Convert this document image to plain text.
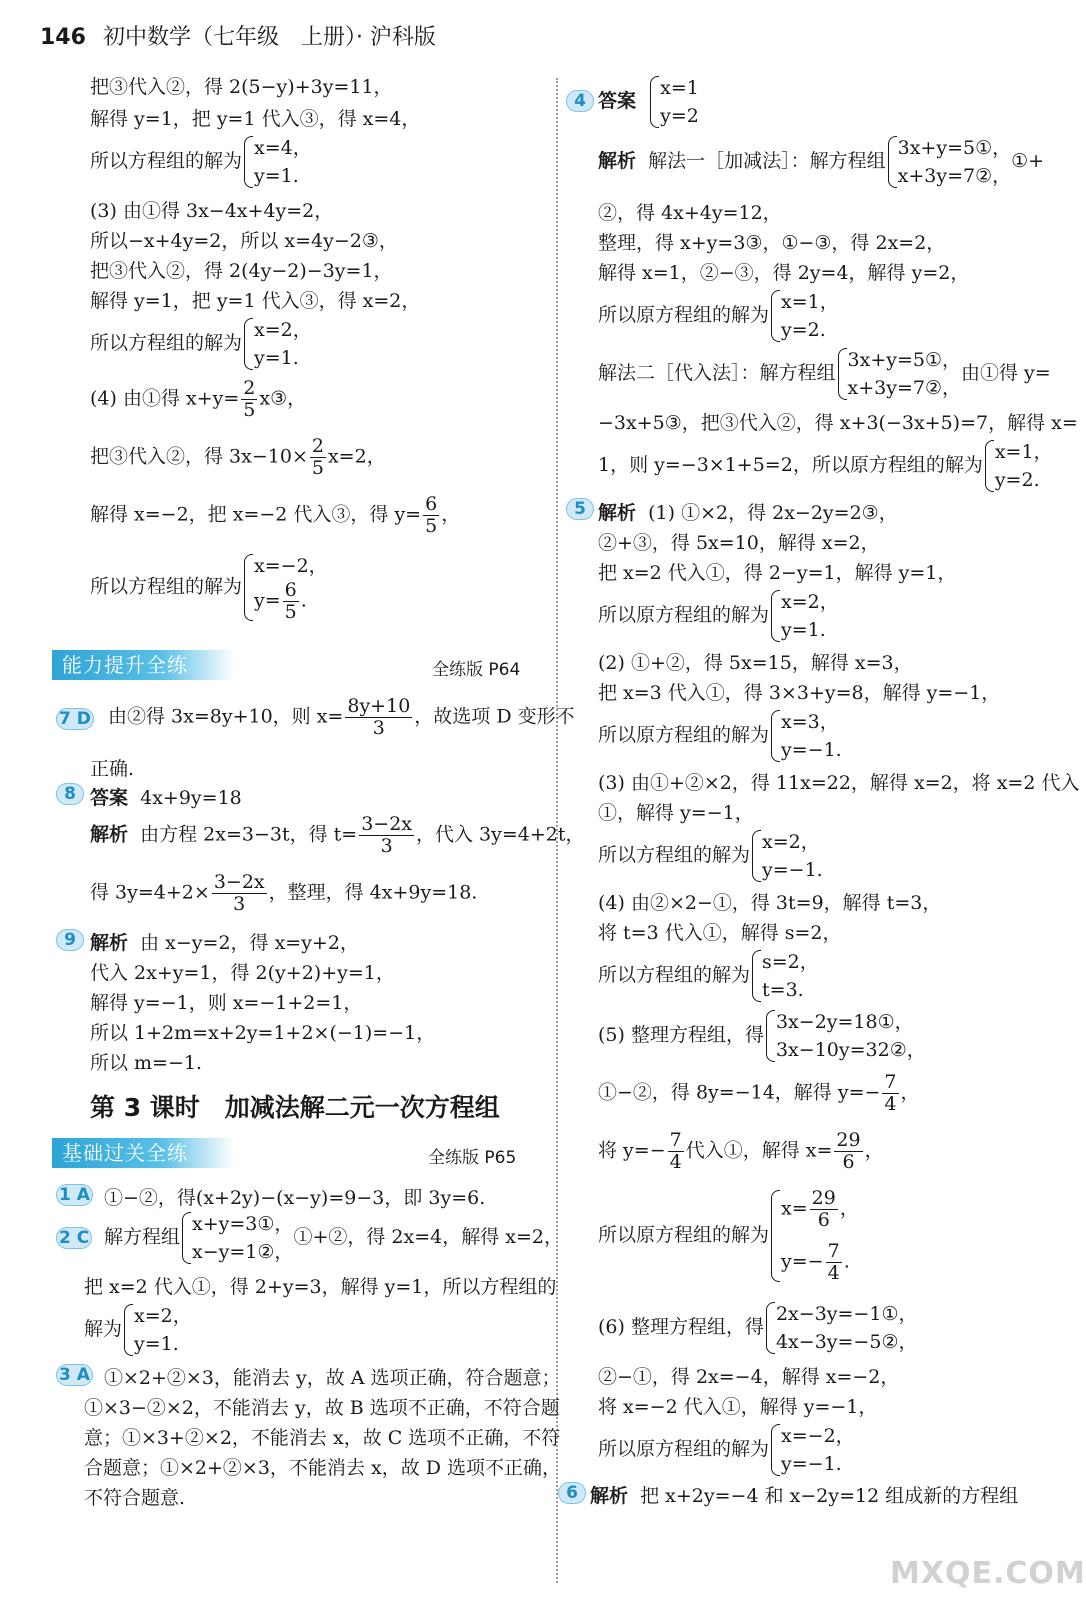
146 初中数学（七年级　上册）· 沪科版
把③代入②，得 2(5−y)+3y=11，
解得 y=1，把 y=1 代入③，得 x=4，
所以方程组的解为
x=4，
y=1.
(3) 由①得 3x−4x+4y=2，
所以−x+4y=2，所以 x=4y−2③，
把③代入②，得 2(4y−2)−3y=1，
解得 y=1，把 y=1 代入③，得 x=2，
所以方程组的解为
x=2，
y=1.
(4) 由①得 $x+y= \frac{2}{5}$ x③，
把③代入②，得 $3x-10\times \frac{2}{5} x=2$，
解得 x=−2，把 x=−2 代入③，得 $y= \frac{6}{5}$ ，
所以方程组的解为
x=−2，
$y= \frac{6}{5}$ .
能力提升全练	全练版 P64
7 D 由②得 3x=8y+10，则 $x= \frac{8y+10}{3}$ ，故选项 D 变形不
正确.
8 答案 4x+9y=18
解析 由方程 2x=3−3t，得 $t= \frac{3-2x}{3}$ ，代入 3y=4+2t，
得 $3y=4+2\times \frac{3-2x}{3}$ ，整理，得 4x+9y=18.
9 解析 由 x−y=2，得 x=y+2，
代入 2x+y=1，得 2(y+2)+y=1，
解得 y=−1，则 x=−1+2=1，
所以 1+2m=x+2y=1+2×(−1)=−1，
所以 m=−1.
第 3 课时　加减法解二元一次方程组
基础过关全练	全练版 P65
1 A ①−②，得(x+2y)−(x−y)=9−3，即 3y=6.
2 C 解方程组
x+y=3①，
x−y=1②，
①+②，得 2x=4，解得 x=2，
把 x=2 代入①，得 2+y=3，解得 y=1，所以方程组的
解为
x=2，
y=1.
3 A ①×2+②×3，能消去 y，故 A 选项正确，符合题意；
①×3−②×2，不能消去 y，故 B 选项不正确，不符合题
意；①×3+②×2，不能消去 x，故 C 选项不正确，不符
合题意；①×2+②×3，不能消去 x，故 D 选项不正确，
不符合题意.
4 答案
x=1
y=2
解析 解法一［加减法］：解方程组
3x+y=5①，
x+3y=7②，
①+
②，得 4x+4y=12，
整理，得 x+y=3③，①−③，得 2x=2，
解得 x=1，②−③，得 2y=4，解得 y=2，
所以原方程组的解为
x=1，
y=2.
解法二［代入法］：解方程组
3x+y=5①，
x+3y=7②，
由①得 y=
−3x+5③，把③代入②，得 x+3(−3x+5)=7，解得 x=
1，则 y=−3×1+5=2，所以原方程组的解为
x=1，
y=2.
5 解析 (1) ①×2，得 2x−2y=2③，
②+③，得 5x=10，解得 x=2，
把 x=2 代入①，得 2−y=1，解得 y=1，
所以原方程组的解为
x=2，
y=1.
(2) ①+②，得 5x=15，解得 x=3，
把 x=3 代入①，得 3×3+y=8，解得 y=−1，
所以原方程组的解为
x=3，
y=−1.
(3) 由①+②×2，得 11x=22，解得 x=2，将 x=2 代入
①，解得 y=−1，
所以方程组的解为
x=2，
y=−1.
(4) 由②×2−①，得 3t=9，解得 t=3，
将 t=3 代入①，解得 s=2，
所以方程组的解为
s=2，
t=3.
(5) 整理方程组，得
3x−2y=18①，
3x−10y=32②，
①−②，得 8y=−14，解得 $y=- \frac{7}{4}$ ，
将 $y=- \frac{7}{4}$ 代入①，解得 $x= \frac{29}{6}$ ，
所以原方程组的解为
$x= \frac{29}{6}$ ，
$y=- \frac{7}{4}$ .
(6) 整理方程组，得
2x−3y=−1①，
4x−3y=−5②，
②−①，得 2x=−4，解得 x=−2，
将 x=−2 代入①，解得 y=−1，
所以原方程组的解为
x=−2，
y=−1.
6 解析 把 x+2y=−4 和 x−2y=12 组成新的方程组
MXQE.COM
